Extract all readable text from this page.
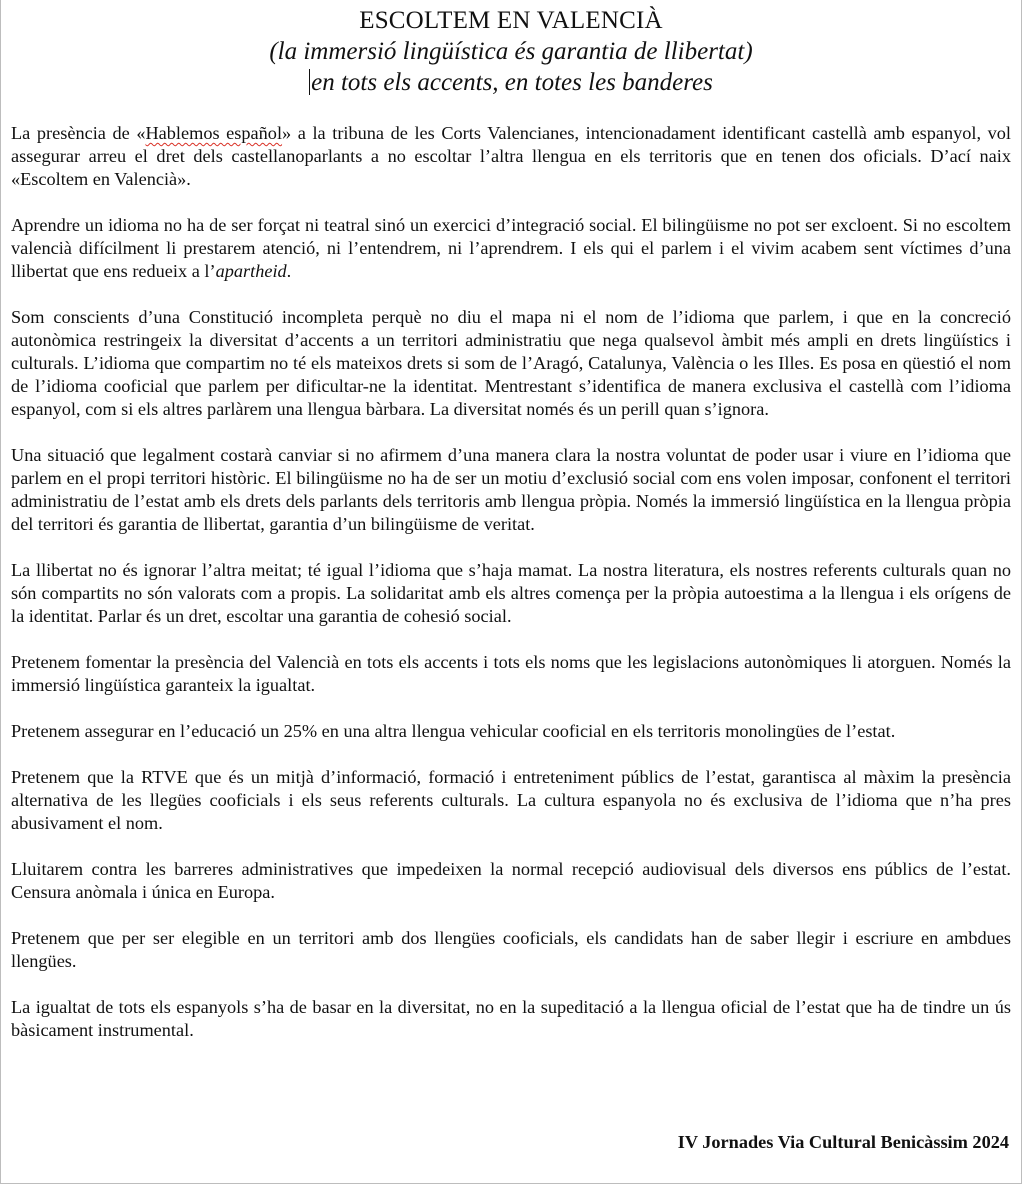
ESCOLTEM EN VALENCIÀ

(la immersió lingüística és garantia de llibertat)

en tots els accents, en totes les banderes

La presència de «Hablemos español» a la tribuna de les Corts Valencianes, intencionadament identificant castellà amb espanyol, vol assegurar arreu el dret dels castellanoparlants a no escoltar l’altra llengua en els territoris que en tenen dos oficials. D’ací naix «Escoltem en Valencià».

Aprendre un idioma no ha de ser forçat ni teatral sinó un exercici d’integració social. El bilingüisme no pot ser excloent. Si no escoltem valencià difícilment li prestarem atenció, ni l’entendrem, ni l’aprendrem. I els qui el parlem i el vivim acabem sent víctimes d’una llibertat que ens redueix a l’apartheid.

Som conscients d’una Constitució incompleta perquè no diu el mapa ni el nom de l’idioma que parlem, i que en la concreció autonòmica restringeix la diversitat d’accents a un territori administratiu que nega qualsevol àmbit més ampli en drets lingüístics i culturals. L’idioma que compartim no té els mateixos drets si som de l’Aragó, Catalunya, València o les Illes. Es posa en qüestió el nom de l’idioma cooficial que parlem per dificultar-ne la identitat. Mentrestant s’identifica de manera exclusiva el castellà com l’idioma espanyol, com si els altres parlàrem una llengua bàrbara. La diversitat només és un perill quan s’ignora.

Una situació que legalment costarà canviar si no afirmem d’una manera clara la nostra voluntat de poder usar i viure en l’idioma que parlem en el propi territori històric. El bilingüisme no ha de ser un motiu d’exclusió social com ens volen imposar, confonent el territori administratiu de l’estat amb els drets dels parlants dels territoris amb llengua pròpia. Només la immersió lingüística en la llengua pròpia del territori és garantia de llibertat, garantia d’un bilingüisme de veritat.

La llibertat no és ignorar l’altra meitat; té igual l’idioma que s’haja mamat. La nostra literatura, els nostres referents culturals quan no són compartits no són valorats com a propis. La solidaritat amb els altres comença per la pròpia autoestima a la llengua i els orígens de la identitat. Parlar és un dret, escoltar una garantia de cohesió social.

Pretenem fomentar la presència del Valencià en tots els accents i tots els noms que les legislacions autonòmiques li atorguen. Només la immersió lingüística garanteix la igualtat.

Pretenem assegurar en l’educació un 25% en una altra llengua vehicular cooficial en els territoris monolingües de l’estat.

Pretenem que la RTVE que és un mitjà d’informació, formació i entreteniment públics de l’estat, garantisca al màxim la presència alternativa de les llegües cooficials i els seus referents culturals. La cultura espanyola no és exclusiva de l’idioma que n’ha pres abusivament el nom.

Lluitarem contra les barreres administratives que impedeixen la normal recepció audiovisual dels diversos ens públics de l’estat. Censura anòmala i única en Europa.

Pretenem que per ser elegible en un territori amb dos llengües cooficials, els candidats han de saber llegir i escriure en ambdues llengües.

La igualtat de tots els espanyols s’ha de basar en la diversitat, no en la supeditació a la llengua oficial de l’estat que ha de tindre un ús bàsicament instrumental.

IV Jornades Via Cultural Benicàssim 2024
